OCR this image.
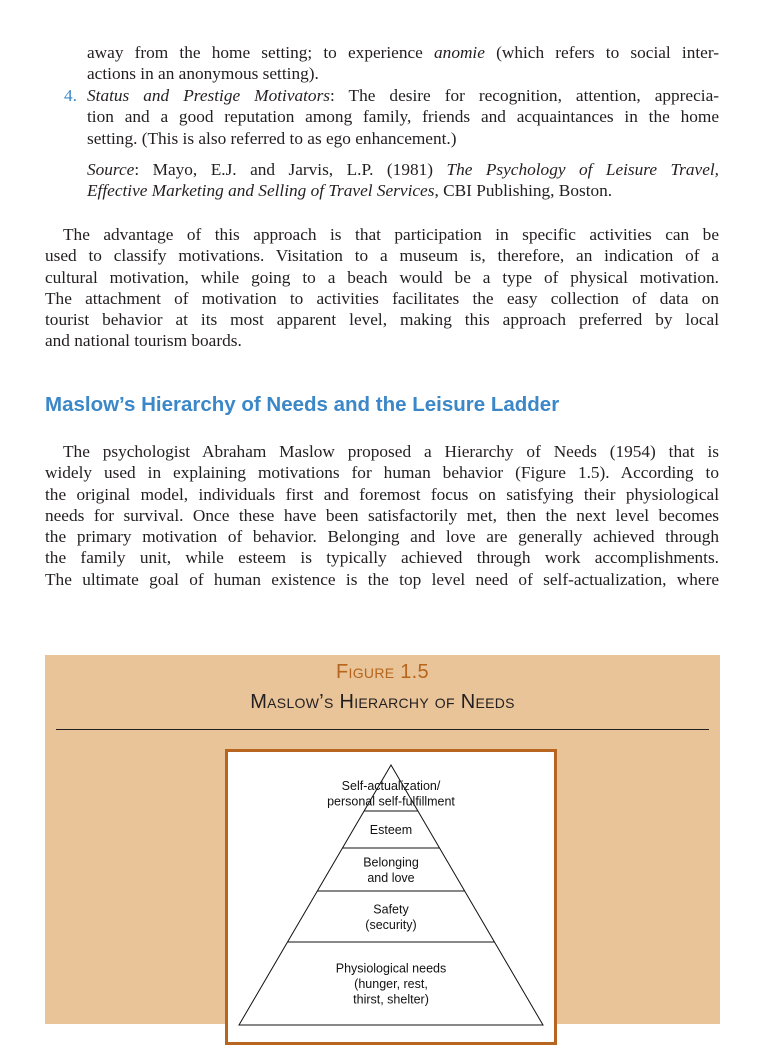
away from the home setting; to experience anomie (which refers to social inter-
actions in an anonymous setting).
4. Status and Prestige Motivators: The desire for recognition, attention, apprecia-
tion and a good reputation among family, friends and acquaintances in the home
setting. (This is also referred to as ego enhancement.)
Source: Mayo, E.J. and Jarvis, L.P. (1981) The Psychology of Leisure Travel,
Effective Marketing and Selling of Travel Services, CBI Publishing, Boston.
The advantage of this approach is that participation in specific activities can be
used to classify motivations. Visitation to a museum is, therefore, an indication of a
cultural motivation, while going to a beach would be a type of physical motivation.
The attachment of motivation to activities facilitates the easy collection of data on
tourist behavior at its most apparent level, making this approach preferred by local
and national tourism boards.
Maslow’s Hierarchy of Needs and the Leisure Ladder
The psychologist Abraham Maslow proposed a Hierarchy of Needs (1954) that is
widely used in explaining motivations for human behavior (Figure 1.5). According to
the original model, individuals first and foremost focus on satisfying their physiological
needs for survival. Once these have been satisfactorily met, then the next level becomes
the primary motivation of behavior. Belonging and love are generally achieved through
the family unit, while esteem is typically achieved through work accomplishments.
The ultimate goal of human existence is the top level need of self-actualization, where
Figure 1.5
Maslow’s Hierarchy of Needs
Self-actualization/
personal self-fulfillment
Esteem
Belonging
and love
Safety
(security)
Physiological needs
(hunger, rest,
thirst, shelter)
